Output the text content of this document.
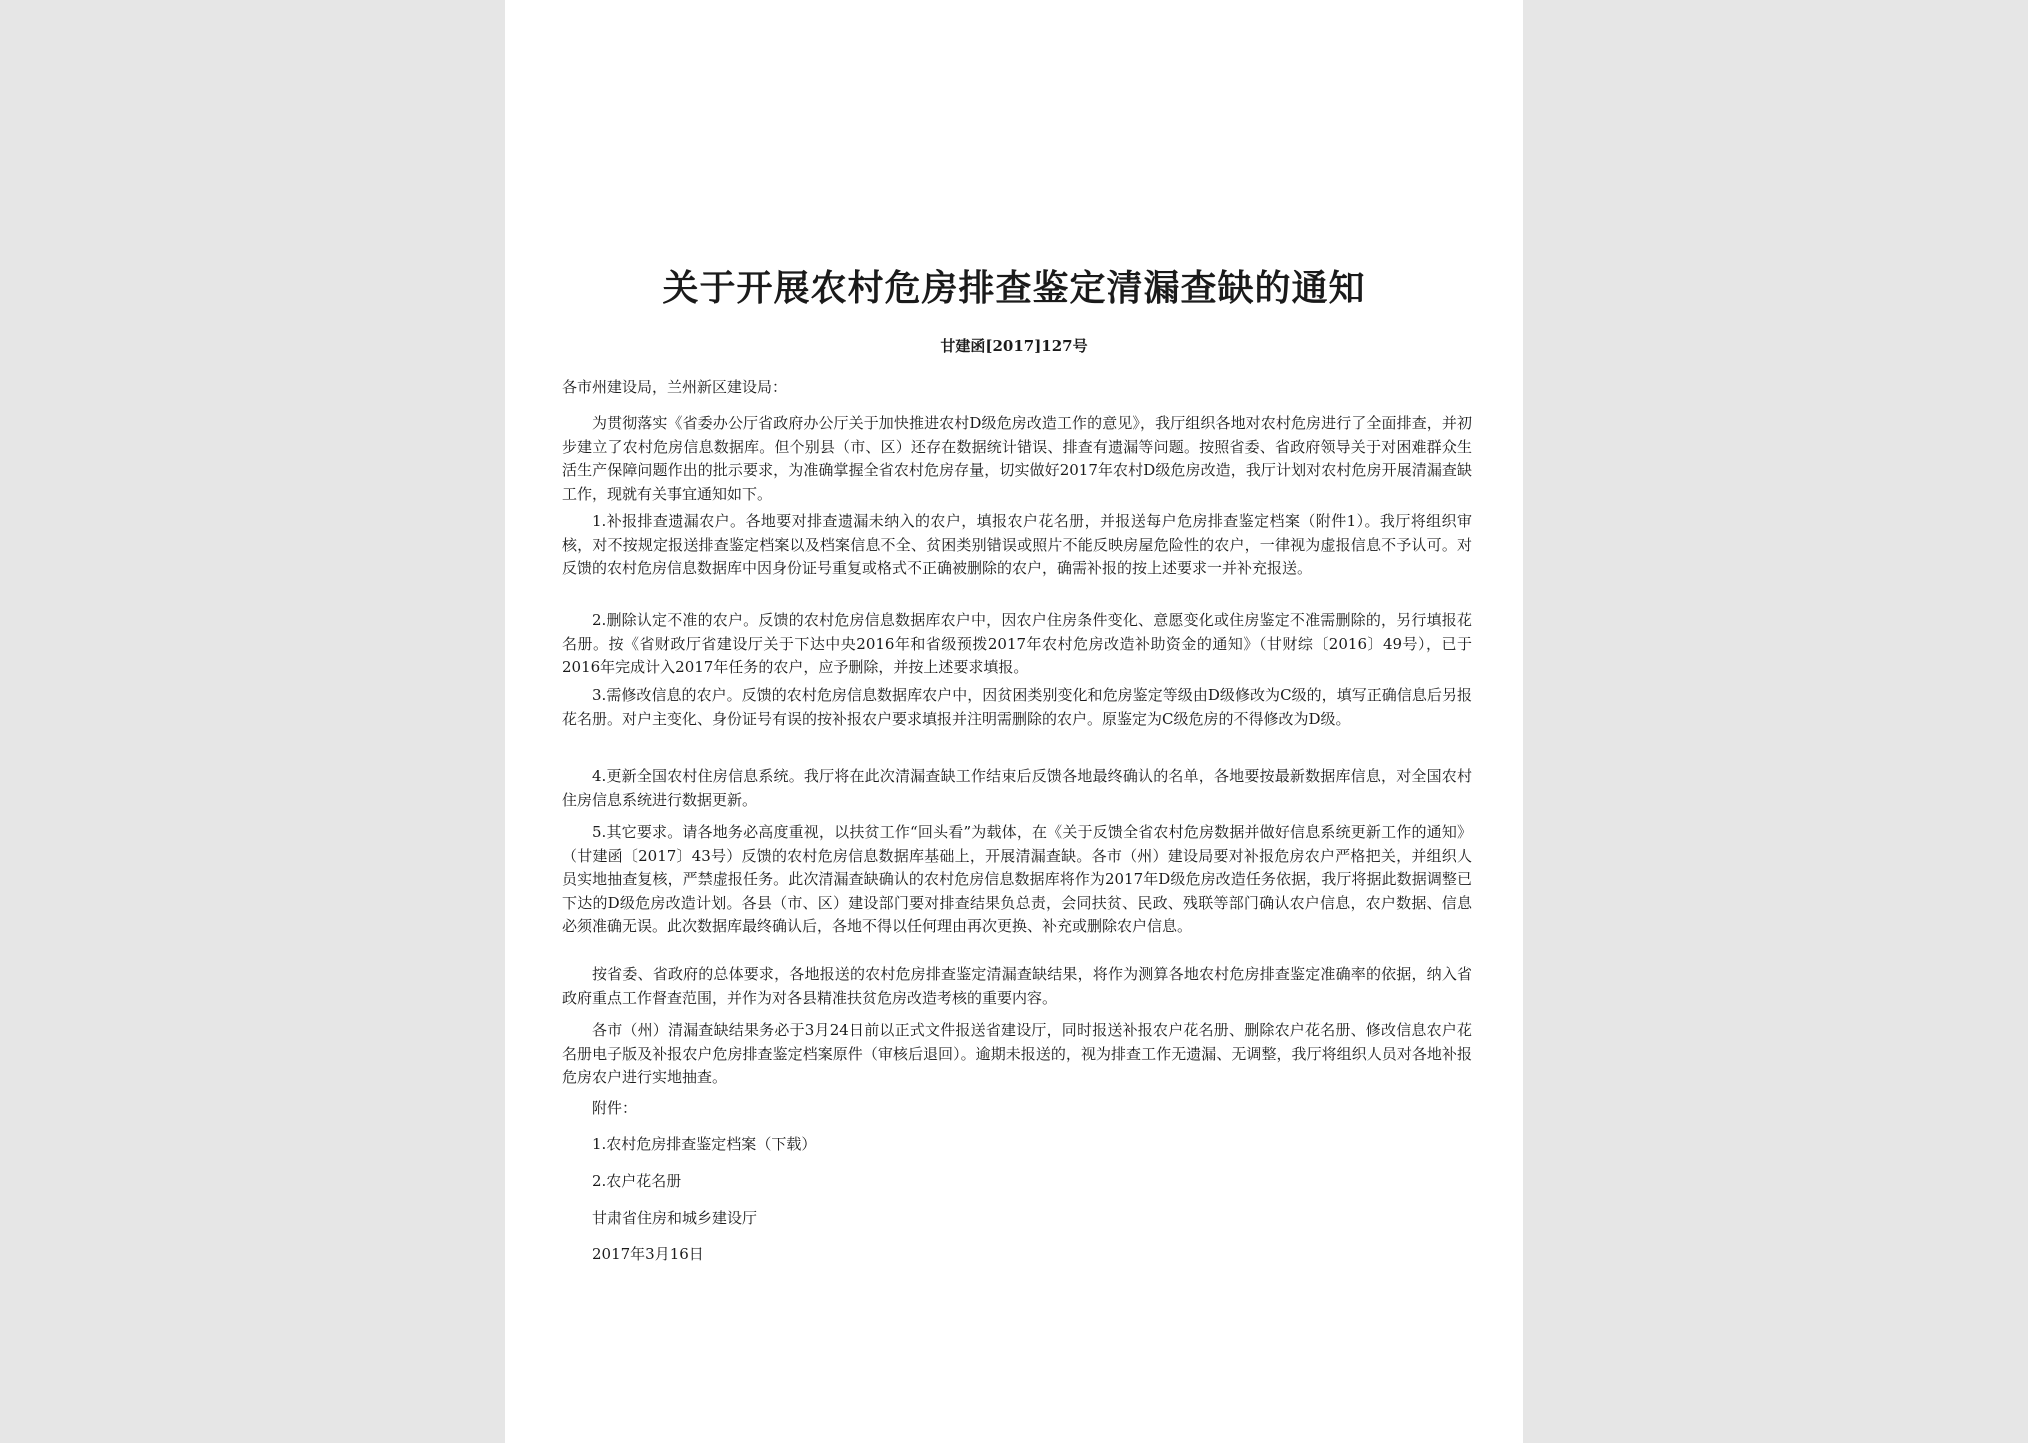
关于开展农村危房排查鉴定清漏查缺的通知
甘建函[2017]127号

各市州建设局，兰州新区建设局：

为贯彻落实《省委办公厅省政府办公厅关于加快推进农村D级危房改造工作的意见》，我厅组织各地对农村危房进行了全面排查，并初步建立了农村危房信息数据库。但个别县（市、区）还存在数据统计错误、排查有遗漏等问题。按照省委、省政府领导关于对困难群众生活生产保障问题作出的批示要求，为准确掌握全省农村危房存量，切实做好2017年农村D级危房改造，我厅计划对农村危房开展清漏查缺工作，现就有关事宜通知如下。

1.补报排查遗漏农户。各地要对排查遗漏未纳入的农户，填报农户花名册，并报送每户危房排查鉴定档案（附件1）。我厅将组织审核，对不按规定报送排查鉴定档案以及档案信息不全、贫困类别错误或照片不能反映房屋危险性的农户，一律视为虚报信息不予认可。对反馈的农村危房信息数据库中因身份证号重复或格式不正确被删除的农户，确需补报的按上述要求一并补充报送。

2.删除认定不准的农户。反馈的农村危房信息数据库农户中，因农户住房条件变化、意愿变化或住房鉴定不准需删除的，另行填报花名册。按《省财政厅省建设厅关于下达中央2016年和省级预拨2017年农村危房改造补助资金的通知》（甘财综〔2016〕49号），已于2016年完成计入2017年任务的农户，应予删除，并按上述要求填报。

3.需修改信息的农户。反馈的农村危房信息数据库农户中，因贫困类别变化和危房鉴定等级由D级修改为C级的，填写正确信息后另报花名册。对户主变化、身份证号有误的按补报农户要求填报并注明需删除的农户。原鉴定为C级危房的不得修改为D级。

4.更新全国农村住房信息系统。我厅将在此次清漏查缺工作结束后反馈各地最终确认的名单，各地要按最新数据库信息，对全国农村住房信息系统进行数据更新。

5.其它要求。请各地务必高度重视，以扶贫工作“回头看”为载体，在《关于反馈全省农村危房数据并做好信息系统更新工作的通知》（甘建函〔2017〕43号）反馈的农村危房信息数据库基础上，开展清漏查缺。各市（州）建设局要对补报危房农户严格把关，并组织人员实地抽查复核，严禁虚报任务。此次清漏查缺确认的农村危房信息数据库将作为2017年D级危房改造任务依据，我厅将据此数据调整已下达的D级危房改造计划。各县（市、区）建设部门要对排查结果负总责，会同扶贫、民政、残联等部门确认农户信息，农户数据、信息必须准确无误。此次数据库最终确认后，各地不得以任何理由再次更换、补充或删除农户信息。

按省委、省政府的总体要求，各地报送的农村危房排查鉴定清漏查缺结果，将作为测算各地农村危房排查鉴定准确率的依据，纳入省政府重点工作督查范围，并作为对各县精准扶贫危房改造考核的重要内容。

各市（州）清漏查缺结果务必于3月24日前以正式文件报送省建设厅，同时报送补报农户花名册、删除农户花名册、修改信息农户花名册电子版及补报农户危房排查鉴定档案原件（审核后退回）。逾期未报送的，视为排查工作无遗漏、无调整，我厅将组织人员对各地补报危房农户进行实地抽查。

附件：

1.农村危房排查鉴定档案（下载）

2.农户花名册

甘肃省住房和城乡建设厅

2017年3月16日
